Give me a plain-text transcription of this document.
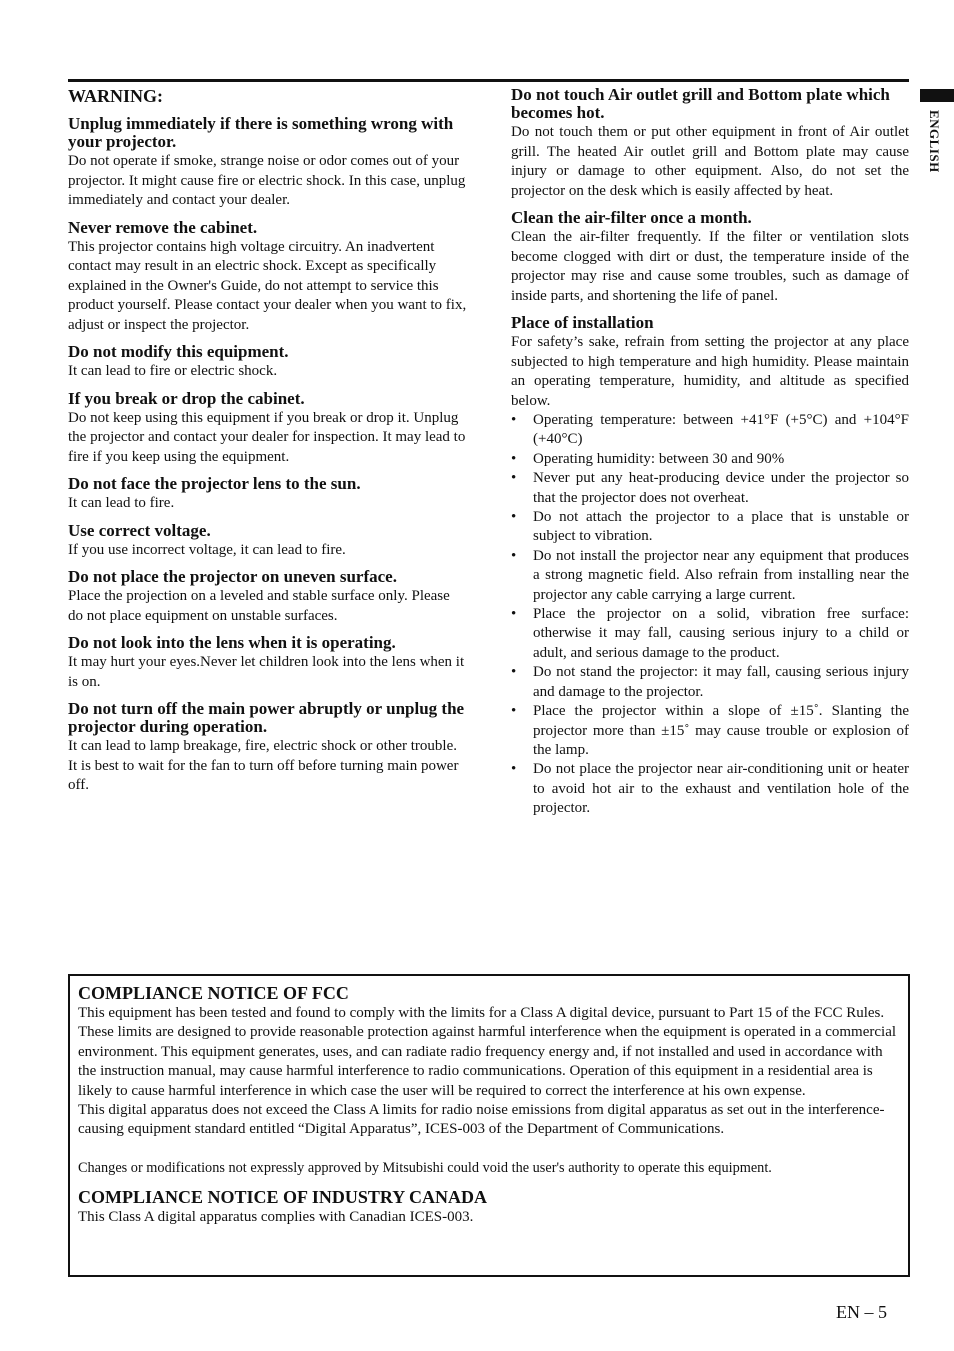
ENGLISH
WARNING:
Unplug immediately if there is something wrong with your projector.

Do not operate if smoke, strange noise or odor comes out of your projector. It might cause fire or electric shock. In this case, unplug immediately and contact your dealer.

Never remove the cabinet.

This projector contains high voltage circuitry. An inadvertent contact may result in an electric shock. Except as specifically explained in the Owner's Guide, do not attempt to service this product yourself. Please contact your dealer when you want to fix, adjust or inspect the projector.

Do not modify this equipment.

It can lead to fire or electric shock.

If you break or drop the cabinet.

Do not keep using this equipment if you break or drop it. Unplug the projector and contact your dealer for inspection. It may lead to fire if you keep using the equipment.

Do not face the projector lens to the sun.

It can lead to fire.

Use correct voltage.

If you use incorrect voltage, it can lead to fire.

Do not place the projector on uneven surface.

Place the projection on a leveled and stable surface only. Please do not place equipment on unstable surfaces.

Do not look into the lens when it is operating.

It may hurt your eyes.Never let children look into the lens when it is on.

Do not turn off the main power abruptly or unplug the projector during operation.

It can lead to lamp breakage, fire, electric shock or other trouble. It is best to wait for the fan to turn off before turning main power off.

Do not touch Air outlet grill and Bottom plate which becomes hot.

Do not touch them or put other equipment in front of Air outlet grill. The heated Air outlet grill and Bottom plate may cause injury or damage to other equipment. Also, do not set the projector on the desk which is easily affected by heat.

Clean the air-filter once a month.

Clean the air-filter frequently. If the filter or ventilation slots become clogged with dirt or dust, the temperature inside of the projector may rise and cause some troubles, such as damage of inside parts, and shortening the life of panel.

Place of installation

For safety’s sake, refrain from setting the projector at any place subjected to high temperature and high humidity. Please maintain an operating temperature, humidity, and altitude as specified below.

• Operating temperature: between +41°F (+5°C) and +104°F (+40°C)
• Operating humidity: between 30 and 90%
• Never put any heat-producing device under the projector so that the projector does not overheat.
• Do not attach the projector to a place that is unstable or subject to vibration.
• Do not install the projector near any equipment that produces a strong magnetic field. Also refrain from installing near the projector any cable carrying a large current.
• Place the projector on a solid, vibration free surface: otherwise it may fall, causing serious injury to a child or adult, and serious damage to the product.
• Do not stand the projector: it may fall, causing serious injury and damage to the projector.
• Place the projector within a slope of ±15˚. Slanting the projector more than ±15˚ may cause trouble or explosion of the lamp.
• Do not place the projector near air-conditioning unit or heater to avoid hot air to the exhaust and ventilation hole of the projector.
COMPLIANCE NOTICE OF FCC

This equipment has been tested and found to comply with the limits for a Class A digital device, pursuant to Part 15 of the FCC Rules. These limits are designed to provide reasonable protection against harmful interference when the equipment is operated in a commercial environment. This equipment generates, uses, and can radiate radio frequency energy and, if not installed and used in accordance with the instruction manual, may cause harmful interference to radio communications. Operation of this equipment in a residential area is likely to cause harmful interference in which case the user will be required to correct the interference at his own expense.

This digital apparatus does not exceed the Class A limits for radio noise emissions from digital apparatus as set out in the interference-causing equipment standard entitled “Digital Apparatus”, ICES-003 of the Department of Communications.

Changes or modifications not expressly approved by Mitsubishi could void the user's authority to operate this equipment.

COMPLIANCE NOTICE OF INDUSTRY CANADA

This Class A digital apparatus complies with Canadian ICES-003.

EN – 5
